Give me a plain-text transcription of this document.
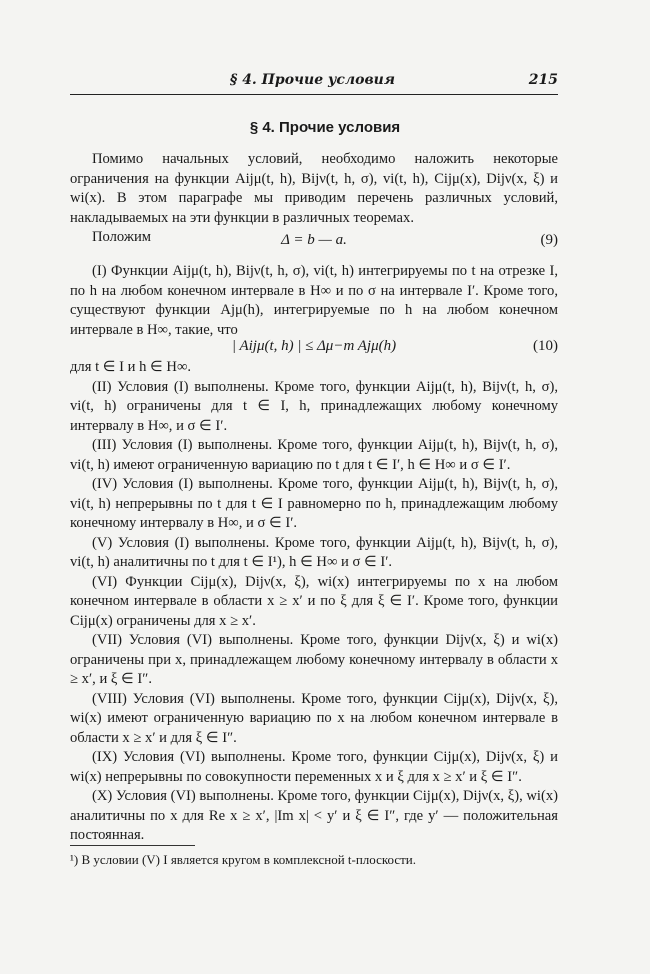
§ 4. Прочие условия	215
§ 4. Прочие условия

Помимо начальных условий, необходимо наложить некоторые ограничения на функции Aijμ(t, h), Bijν(t, h, σ), vi(t, h), Cijμ(x), Dijν(x, ξ) и wi(x). В этом параграфе мы приводим перечень различных условий, накладываемых на эти функции в различных теоремах.

Положим	Δ = b — a.	(9)

(I) Функции Aijμ(t, h), Bijν(t, h, σ), vi(t, h) интегрируемы по t на отрезке I, по h на любом конечном интервале в H∞ и по σ на интервале I′. Кроме того, существуют функции Ajμ(h), интегрируемые по h на любом конечном интервале в H∞, такие, что

| Aijμ(t, h) | ≤ Δμ−m Ajμ(h)	(10)

для t ∈ I и h ∈ H∞.

(II) Условия (I) выполнены. Кроме того, функции Aijμ(t, h), Bijν(t, h, σ), vi(t, h) ограничены для t ∈ I, h, принадлежащих любому конечному интервалу в H∞, и σ ∈ I′.

(III) Условия (I) выполнены. Кроме того, функции Aijμ(t, h), Bijν(t, h, σ), vi(t, h) имеют ограниченную вариацию по t для t ∈ I′, h ∈ H∞ и σ ∈ I′.

(IV) Условия (I) выполнены. Кроме того, функции Aijμ(t, h), Bijν(t, h, σ), vi(t, h) непрерывны по t для t ∈ I равномерно по h, принадлежащим любому конечному интервалу в H∞, и σ ∈ I′.

(V) Условия (I) выполнены. Кроме того, функции Aijμ(t, h), Bijν(t, h, σ), vi(t, h) аналитичны по t для t ∈ I¹), h ∈ H∞ и σ ∈ I′.

(VI) Функции Cijμ(x), Dijν(x, ξ), wi(x) интегрируемы по x на любом конечном интервале в области x ≥ x′ и по ξ для ξ ∈ I′. Кроме того, функции Cijμ(x) ограничены для x ≥ x′.

(VII) Условия (VI) выполнены. Кроме того, функции Dijν(x, ξ) и wi(x) ограничены при x, принадлежащем любому конечному интервалу в области x ≥ x′, и ξ ∈ I″.

(VIII) Условия (VI) выполнены. Кроме того, функции Cijμ(x), Dijν(x, ξ), wi(x) имеют ограниченную вариацию по x на любом конечном интервале в области x ≥ x′ и для ξ ∈ I″.

(IX) Условия (VI) выполнены. Кроме того, функции Cijμ(x), Dijν(x, ξ) и wi(x) непрерывны по совокупности переменных x и ξ для x ≥ x′ и ξ ∈ I″.

(X) Условия (VI) выполнены. Кроме того, функции Cijμ(x), Dijν(x, ξ), wi(x) аналитичны по x для Re x ≥ x′, |Im x| < y′ и ξ ∈ I″, где y′ — положительная постоянная.

¹) В условии (V) I является кругом в комплексной t-плоскости.
